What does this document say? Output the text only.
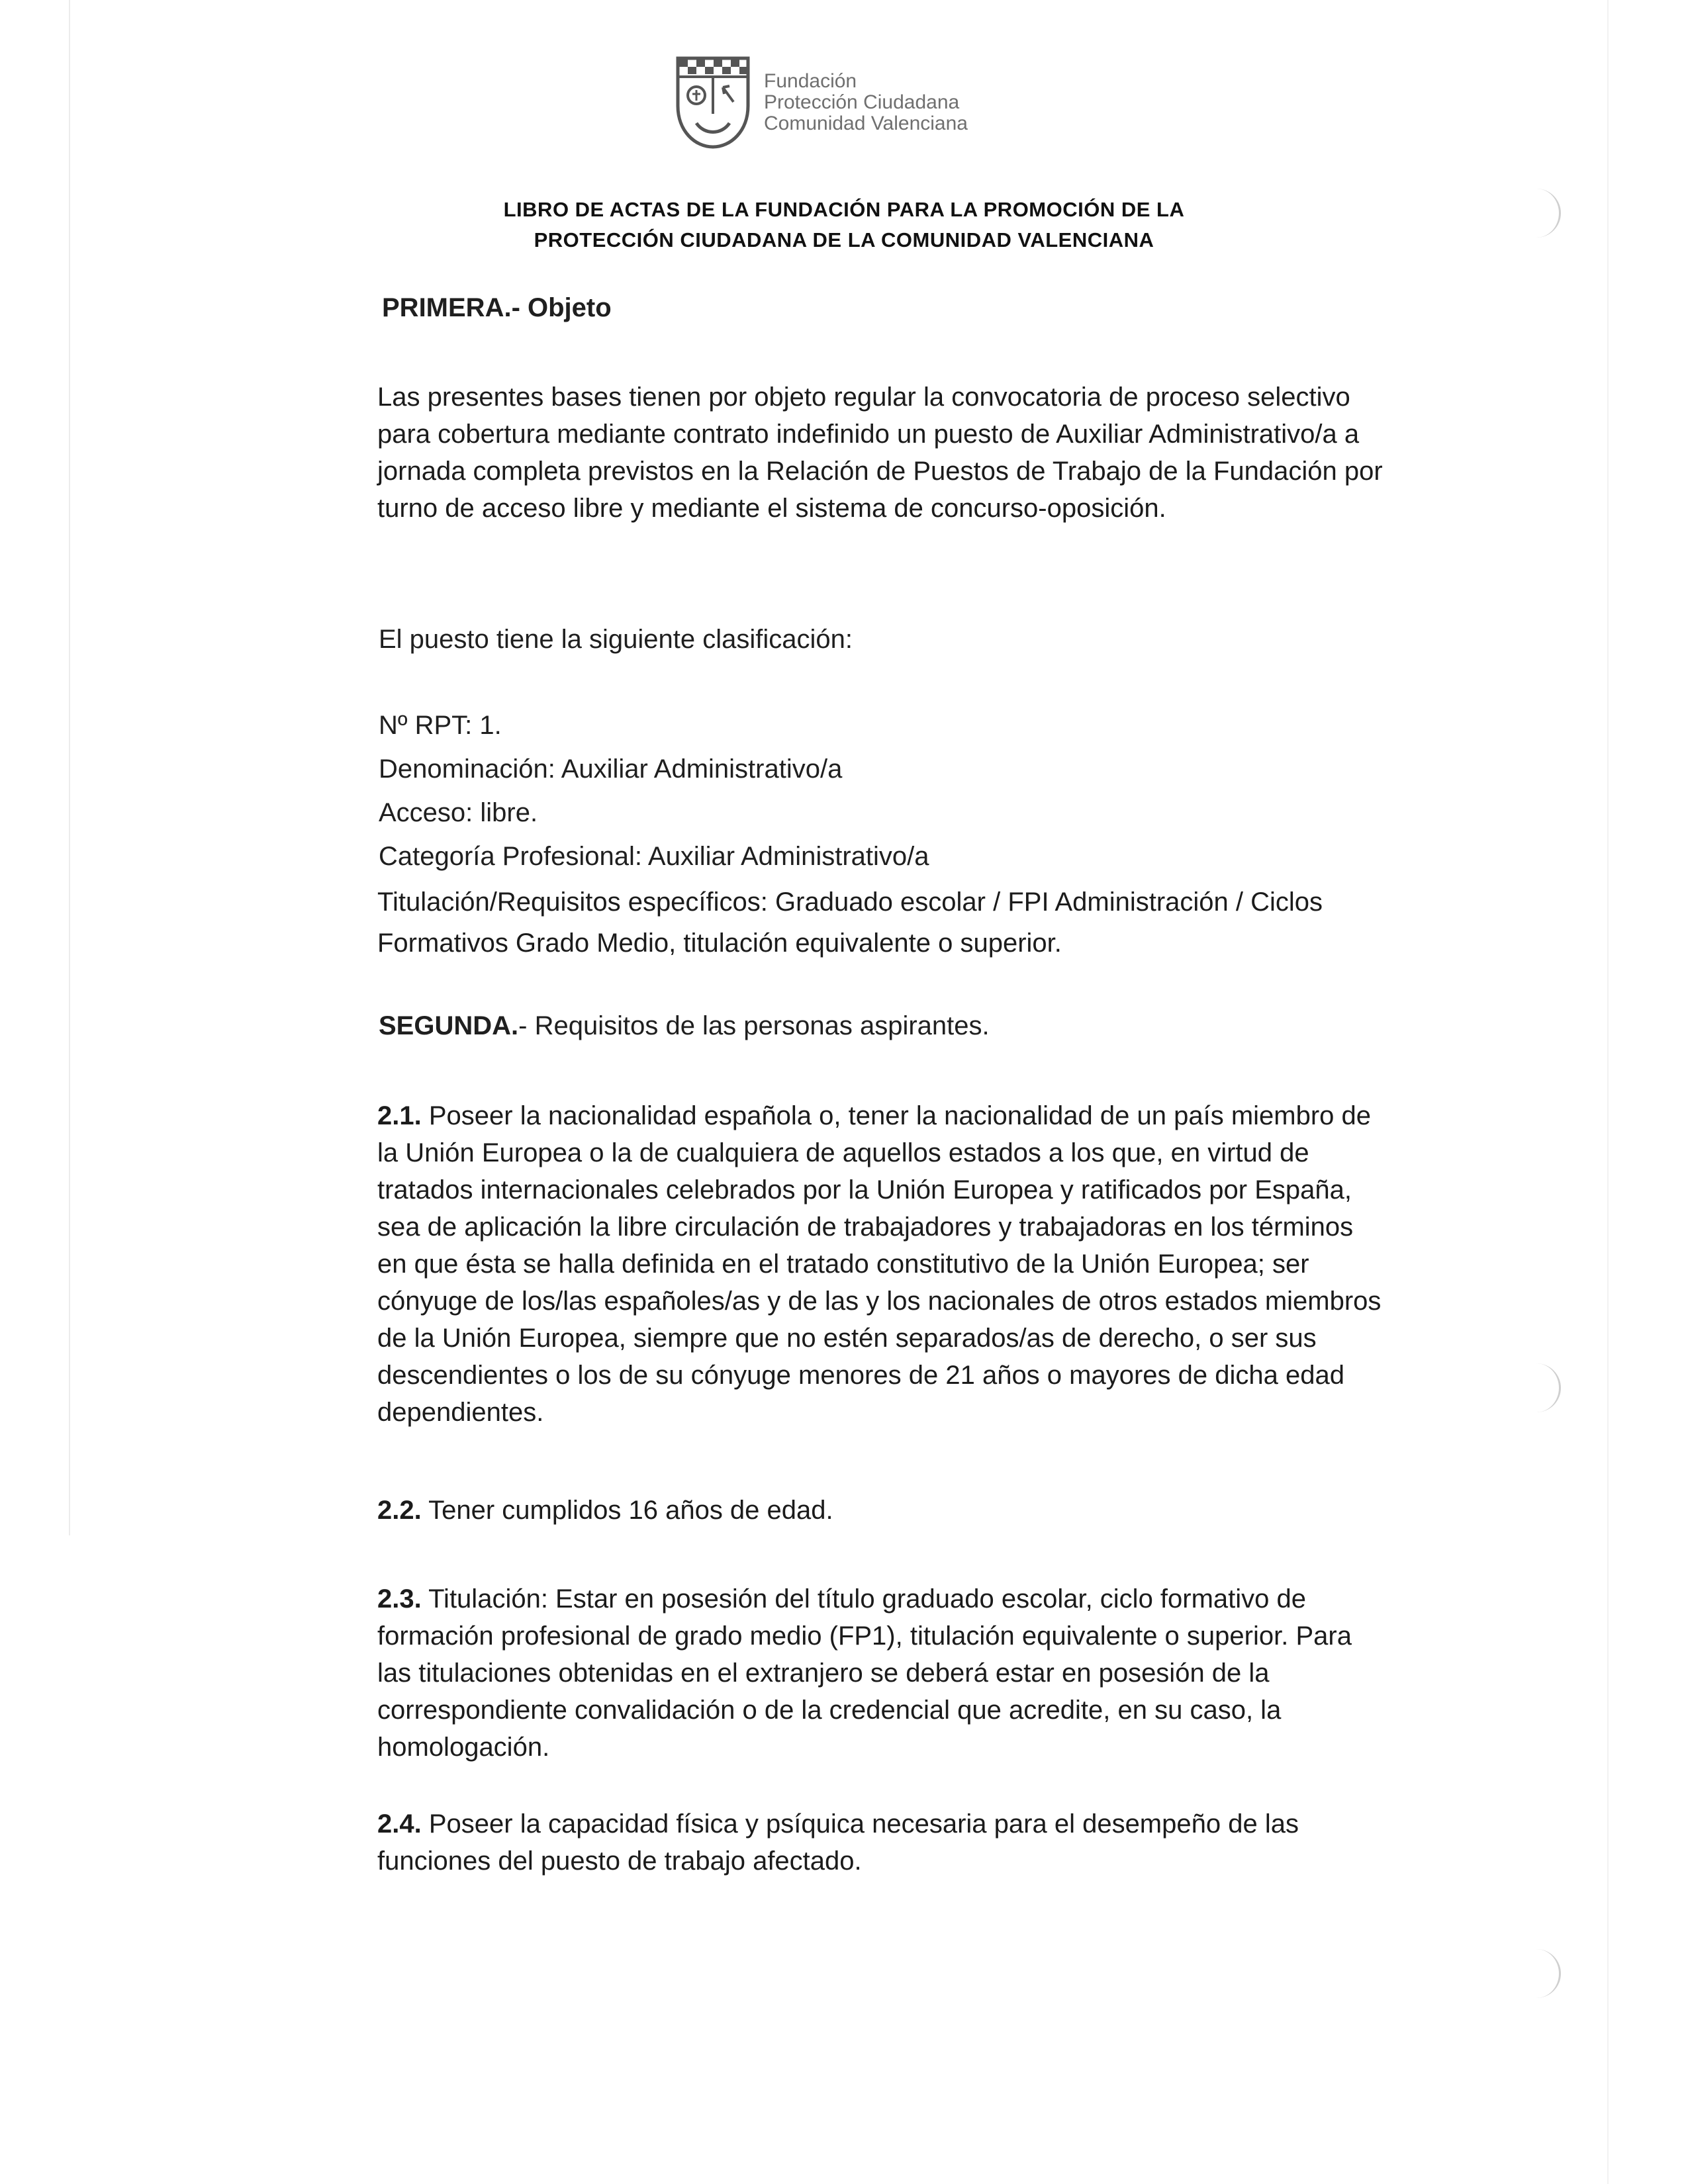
Fundación
Protección Ciudadana
Comunidad Valenciana
LIBRO DE ACTAS DE LA FUNDACIÓN PARA LA PROMOCIÓN DE LA
PROTECCIÓN CIUDADANA DE LA COMUNIDAD VALENCIANA
PRIMERA.- Objeto
Las presentes bases tienen por objeto regular la convocatoria de proceso selectivo para cobertura mediante contrato indefinido un puesto de Auxiliar Administrativo/a a jornada completa previstos en la Relación de Puestos de Trabajo de la Fundación por turno de acceso libre y mediante el sistema de concurso-oposición.
El puesto tiene la siguiente clasificación:
Nº RPT: 1.
Denominación: Auxiliar Administrativo/a
Acceso: libre.
Categoría Profesional: Auxiliar Administrativo/a
Titulación/Requisitos específicos: Graduado escolar / FPI Administración / Ciclos Formativos Grado Medio, titulación equivalente o superior.
SEGUNDA.- Requisitos de las personas aspirantes.
2.1. Poseer la nacionalidad española o, tener la nacionalidad de un país miembro de la Unión Europea o la de cualquiera de aquellos estados a los que, en virtud de tratados internacionales celebrados por la Unión Europea y ratificados por España, sea de aplicación la libre circulación de trabajadores y trabajadoras en los términos en que ésta se halla definida en el tratado constitutivo de la Unión Europea; ser cónyuge de los/las españoles/as y de las y los nacionales de otros estados miembros de la Unión Europea, siempre que no estén separados/as de derecho, o ser sus descendientes o los de su cónyuge menores de 21 años o mayores de dicha edad dependientes.
2.2. Tener cumplidos 16 años de edad.
2.3. Titulación: Estar en posesión del título graduado escolar, ciclo formativo de formación profesional de grado medio (FP1), titulación equivalente o superior. Para las titulaciones obtenidas en el extranjero se deberá estar en posesión de la correspondiente convalidación o de la credencial que acredite, en su caso, la homologación.
2.4. Poseer la capacidad física y psíquica necesaria para el desempeño de las funciones del puesto de trabajo afectado.
